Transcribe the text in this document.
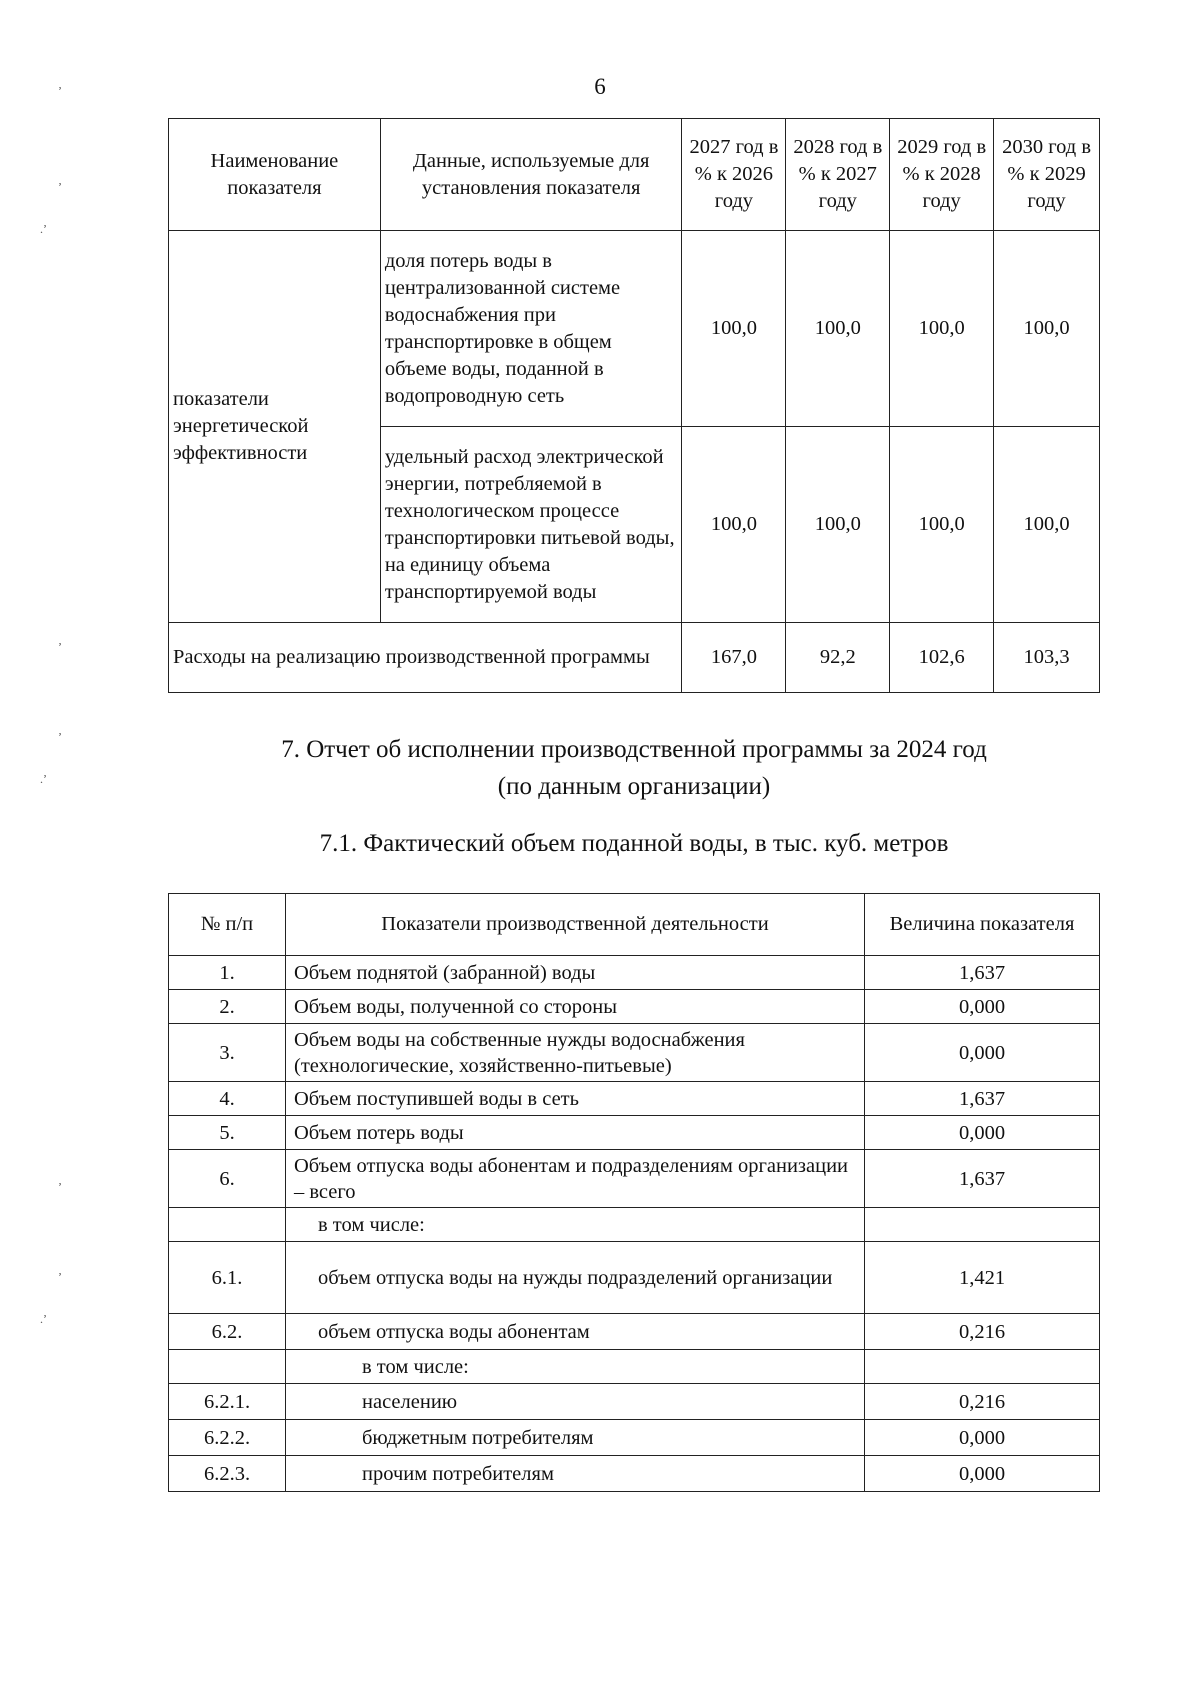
6
Наименование показателя	Данные, используемые для установления показателя	2027 год в % к 2026 году	2028 год в % к 2027 году	2029 год в % к 2028 году	2030 год в % к 2029 году
показатели энергетической эффективности	доля потерь воды в централизованной системе водоснабжения при транспортировке в общем объеме воды, поданной в водопроводную сеть	100,0	100,0	100,0	100,0
	удельный расход электрической энергии, потребляемой в технологическом процессе транспортировки питьевой воды, на единицу объема транспортируемой воды	100,0	100,0	100,0	100,0
Расходы на реализацию производственной программы		167,0	92,2	102,6	103,3
7. Отчет об исполнении производственной программы за 2024 год
(по данным организации)
7.1. Фактический объем поданной воды, в тыс. куб. метров
№ п/п	Показатели производственной деятельности	Величина показателя
1.	Объем поднятой (забранной) воды	1,637
2.	Объем воды, полученной со стороны	0,000
3.	Объем воды на собственные нужды водоснабжения (технологические, хозяйственно-питьевые)	0,000
4.	Объем поступившей воды в сеть	1,637
5.	Объем потерь воды	0,000
6.	Объем отпуска воды абонентам и подразделениям организации – всего	1,637
	в том числе:	
6.1.	объем отпуска воды на нужды подразделений организации	1,421
6.2.	объем отпуска воды абонентам	0,216
	в том числе:	
6.2.1.	населению	0,216
6.2.2.	бюджетным потребителям	0,000
6.2.3.	прочим потребителям	0,000
ʼ
ʼ
.ʼ
ʼ
ʼ
.ʼ
ʼ
ʼ
.ʼ
